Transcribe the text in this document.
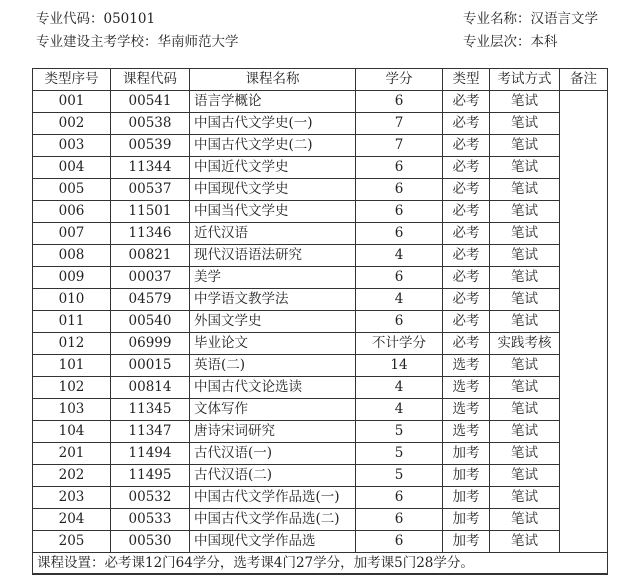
专业代码：050101	专业名称：汉语言文学
专业建设主考学校：华南师范大学	专业层次：本科
类型序号	课程代码	课程名称	学分	类型	考试方式	备注
001	00541	语言学概论	6	必考	笔试	
002	00538	中国古代文学史(一)	7	必考	笔试	
003	00539	中国古代文学史(二)	7	必考	笔试	
004	11344	中国近代文学史	6	必考	笔试	
005	00537	中国现代文学史	6	必考	笔试	
006	11501	中国当代文学史	6	必考	笔试	
007	11346	近代汉语	6	必考	笔试	
008	00821	现代汉语语法研究	4	必考	笔试	
009	00037	美学	6	必考	笔试	
010	04579	中学语文教学法	4	必考	笔试	
011	00540	外国文学史	6	必考	笔试	
012	06999	毕业论文	不计学分	必考	实践考核	
101	00015	英语(二)	14	选考	笔试	
102	00814	中国古代文论选读	4	选考	笔试	
103	11345	文体写作	4	选考	笔试	
104	11347	唐诗宋词研究	5	选考	笔试	
201	11494	古代汉语(一)	5	加考	笔试	
202	11495	古代汉语(二)	5	加考	笔试	
203	00532	中国古代文学作品选(一)	6	加考	笔试	
204	00533	中国古代文学作品选(二)	6	加考	笔试	
205	00530	中国现代文学作品选	6	加考	笔试	
课程设置：必考课12门64学分，选考课4门27学分，加考课5门28学分。						
